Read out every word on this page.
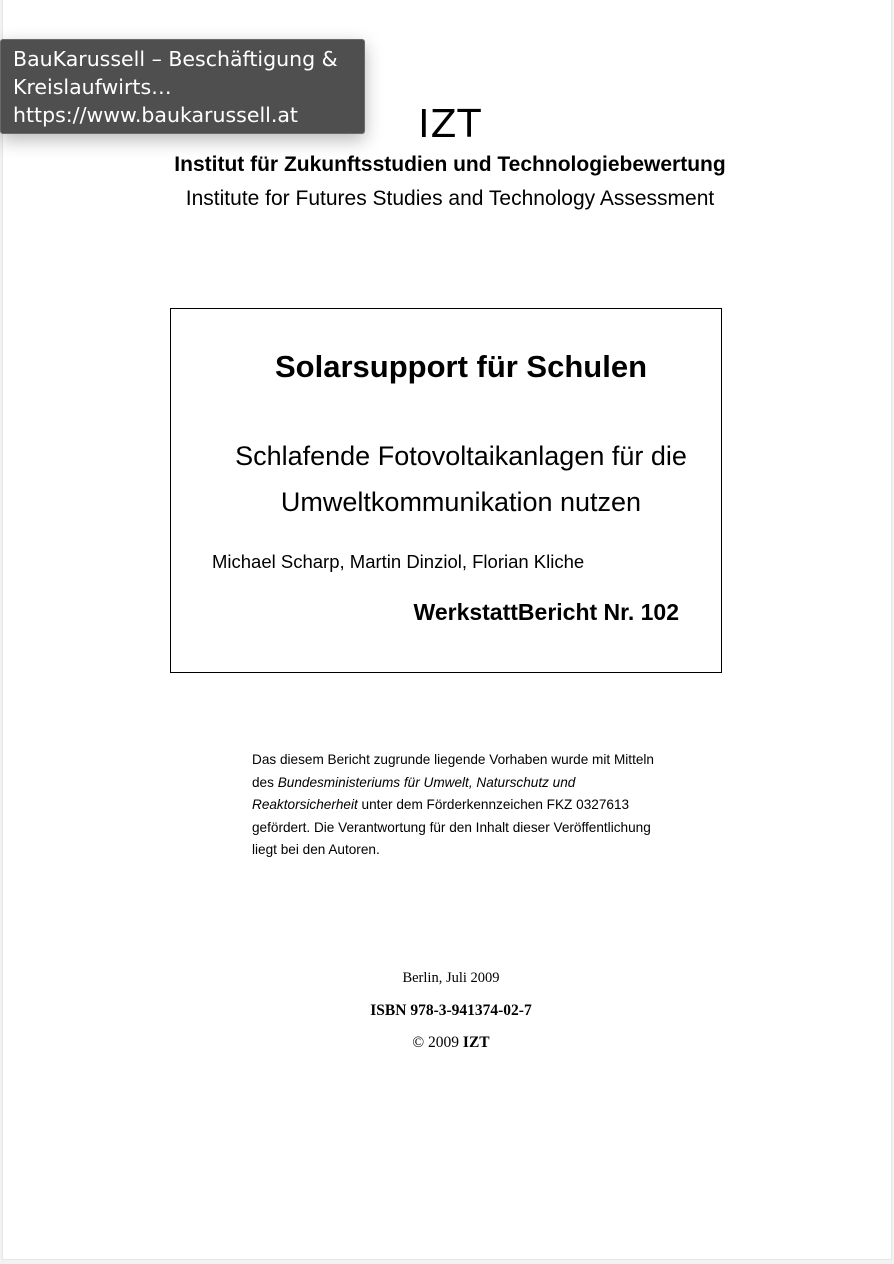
IZT
Institut für Zukunftsstudien und Technologiebewertung
Institute for Futures Studies and Technology Assessment
Solarsupport für Schulen
Schlafende Fotovoltaikanlagen für die
Umweltkommunikation nutzen
Michael Scharp, Martin Dinziol, Florian Kliche
WerkstattBericht Nr. 102
Das diesem Bericht zugrunde liegende Vorhaben wurde mit Mitteln des Bundesministeriums für Umwelt, Naturschutz und Reaktorsicherheit unter dem Förderkennzeichen FKZ 0327613 gefördert. Die Verantwortung für den Inhalt dieser Veröffentlichung liegt bei den Autoren.
Berlin, Juli 2009
ISBN 978-3-941374-02-7
© 2009 IZT
BauKarussell – Beschäftigung &
Kreislaufwirts…
https://www.baukarussell.at
